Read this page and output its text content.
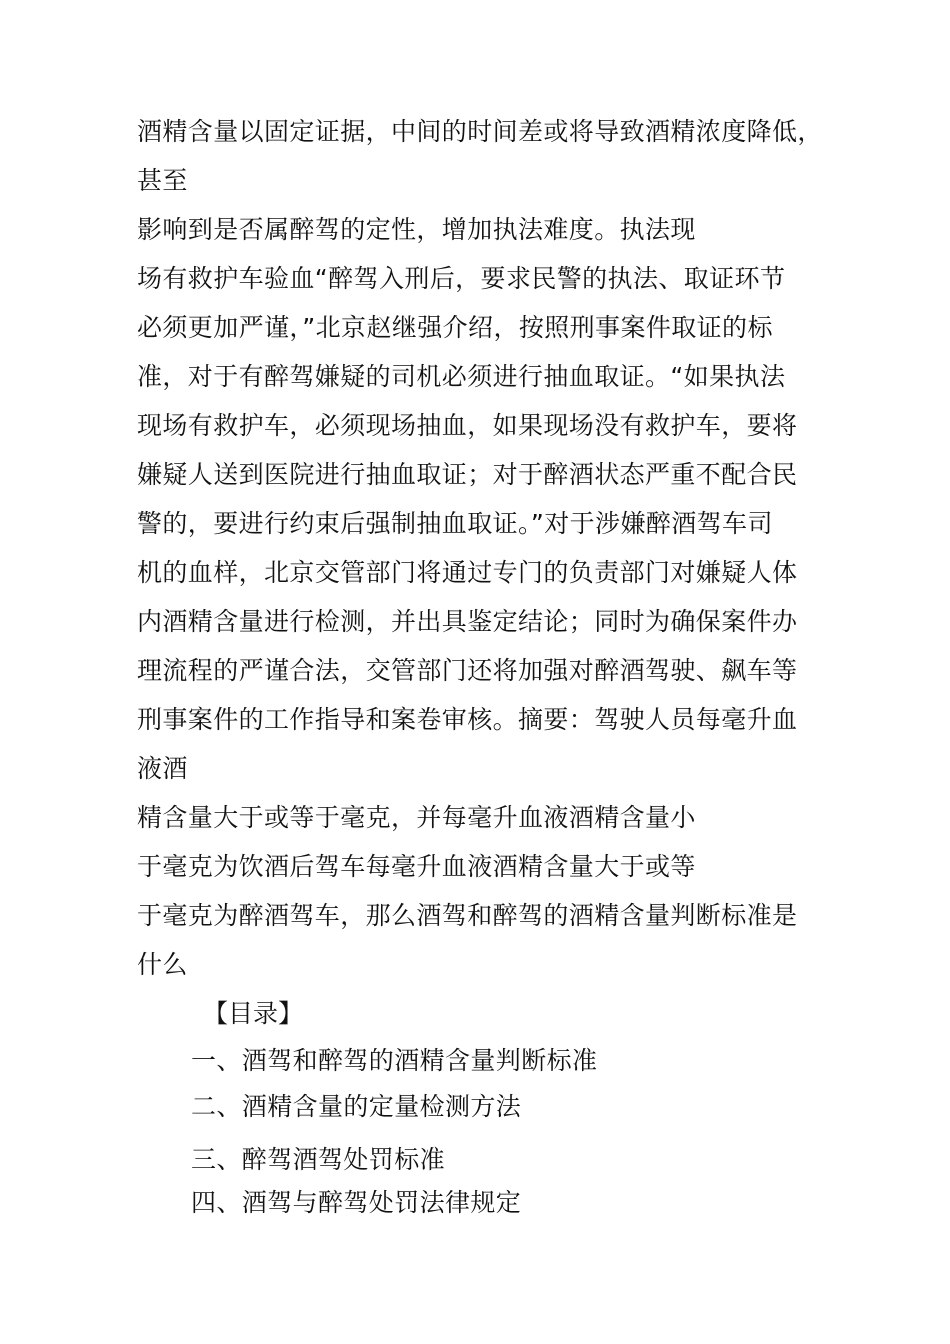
酒精含量以固定证据，中间的时间差或将导致酒精浓度降低，
甚至
影响到是否属醉驾的定性，增加执法难度。执法现
场有救护车验血“醉驾入刑后，要求民警的执法、取证环节
必须更加严谨，”北京赵继强介绍，按照刑事案件取证的标
准，对于有醉驾嫌疑的司机必须进行抽血取证。“如果执法
现场有救护车，必须现场抽血，如果现场没有救护车，要将
嫌疑人送到医院进行抽血取证；对于醉酒状态严重不配合民
警的，要进行约束后强制抽血取证。”对于涉嫌醉酒驾车司
机的血样，北京交管部门将通过专门的负责部门对嫌疑人体
内酒精含量进行检测，并出具鉴定结论；同时为确保案件办
理流程的严谨合法，交管部门还将加强对醉酒驾驶、飙车等
刑事案件的工作指导和案卷审核。摘要：驾驶人员每毫升血
液酒
精含量大于或等于毫克，并每毫升血液酒精含量小
于毫克为饮酒后驾车每毫升血液酒精含量大于或等
于毫克为醉酒驾车，那么酒驾和醉驾的酒精含量判断标准是
什么
【目录】
一、酒驾和醉驾的酒精含量判断标准
二、酒精含量的定量检测方法
三、醉驾酒驾处罚标准
四、酒驾与醉驾处罚法律规定
